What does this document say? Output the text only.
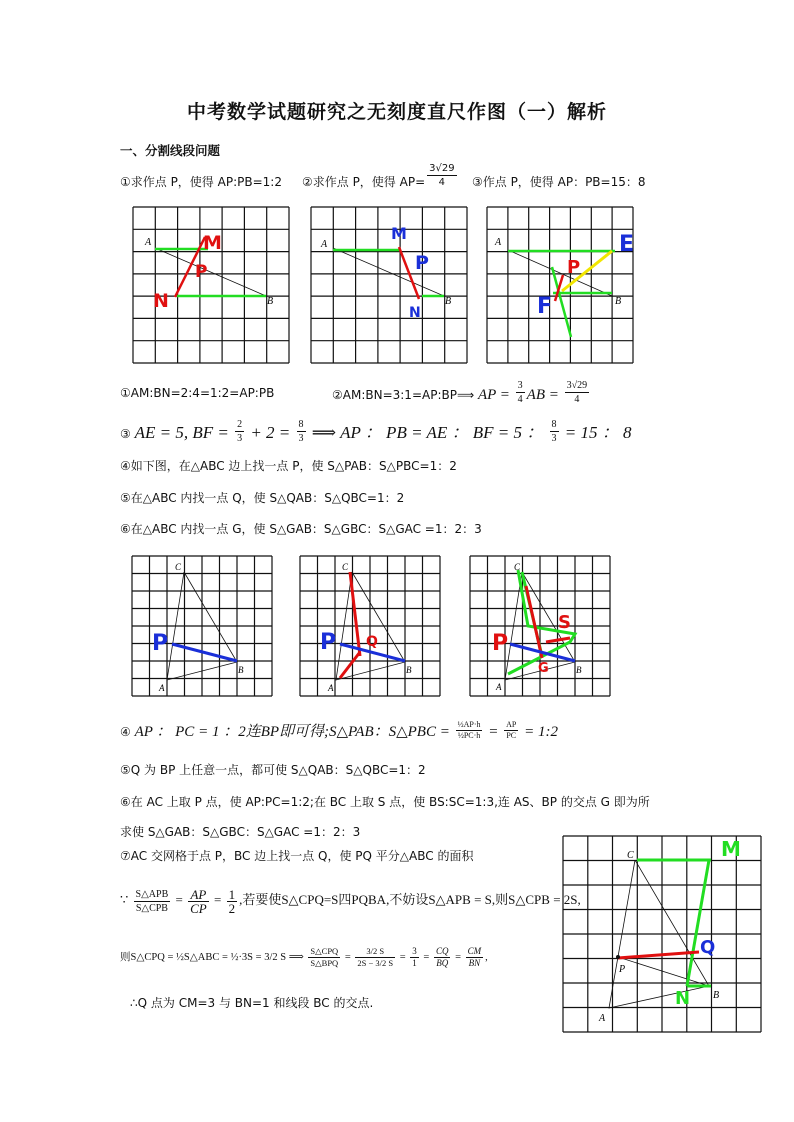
中考数学试题研究之无刻度直尺作图（一）解析
一、分割线段问题
①求作点 P，使得 AP:PB=1:2 ②求作点 P，使得 $AP= \frac{3√29}{4}$ ③作点 P，使得 AP：PB=15：8
A
B
M
P
N
A
B
M
P
N
A
B
E
P
F
①AM:BN=2:4=1:2=AP:PB	②AM:BN=3:1=AP:BP⟹ AP = $\frac{3}{4}$ AB = $\frac{3√29}{4}$
③ AE = 5, BF = $\frac{2}{3} + 2 = \frac{8}{3}$ ⟹ AP ： PB = AE ： BF = 5 ： $\frac{8}{3} = 15$ ： 8
④如下图，在△ABC 边上找一点 P，使 S△PAB：S△PBC=1：2
⑤在△ABC 内找一点 Q，使 S△QAB：S△QBC=1：2
⑥在△ABC 内找一点 G，使 S△GAB：S△GBC：S△GAC =1：2：3
C
A
B
P
C
A
B
P Q
C
A
B
P
S
G
④ AP ： PC = 1 ：2连BP即可得;S△PAB：S△PBC = $\frac{\text{½AP·h}}{\text{½PC·h}} = \frac{AP}{PC}$ = 1:2
⑤Q 为 BP 上任意一点，都可使 S△QAB：S△QBC=1：2
⑥在 AC 上取 P 点，使 AP:PC=1:2;在 BC 上取 S 点，使 BS:SC=1:3,连 AS、BP 的交点 G 即为所
求使 S△GAB：S△GBC：S△GAC =1：2：3
⑦AC 交网格于点 P，BC 边上找一点 Q，使 PQ 平分△ABC 的面积
∵ $\frac{\text{S△APB}}{\text{S△CPB}} = \frac{AP}{CP} = \frac{1}{2}$ ,若要使S△CPQ=S四PQBA,不妨设S△APB = S,则S△CPB = 2S,
则S△CPQ = ½S△ABC = ½·3S = 3/2 S ⟹ $\frac{\text{S△CPQ}}{\text{S△BPQ}} = \frac{3/2 S}{2S - 3/2 S} = \frac{3}{1} = \frac{CQ}{BQ} = \frac{CM}{BN}$ ,
∴Q 点为 CM=3 与 BN=1 和线段 BC 的交点.
C
A
B
P
M
Q
N
